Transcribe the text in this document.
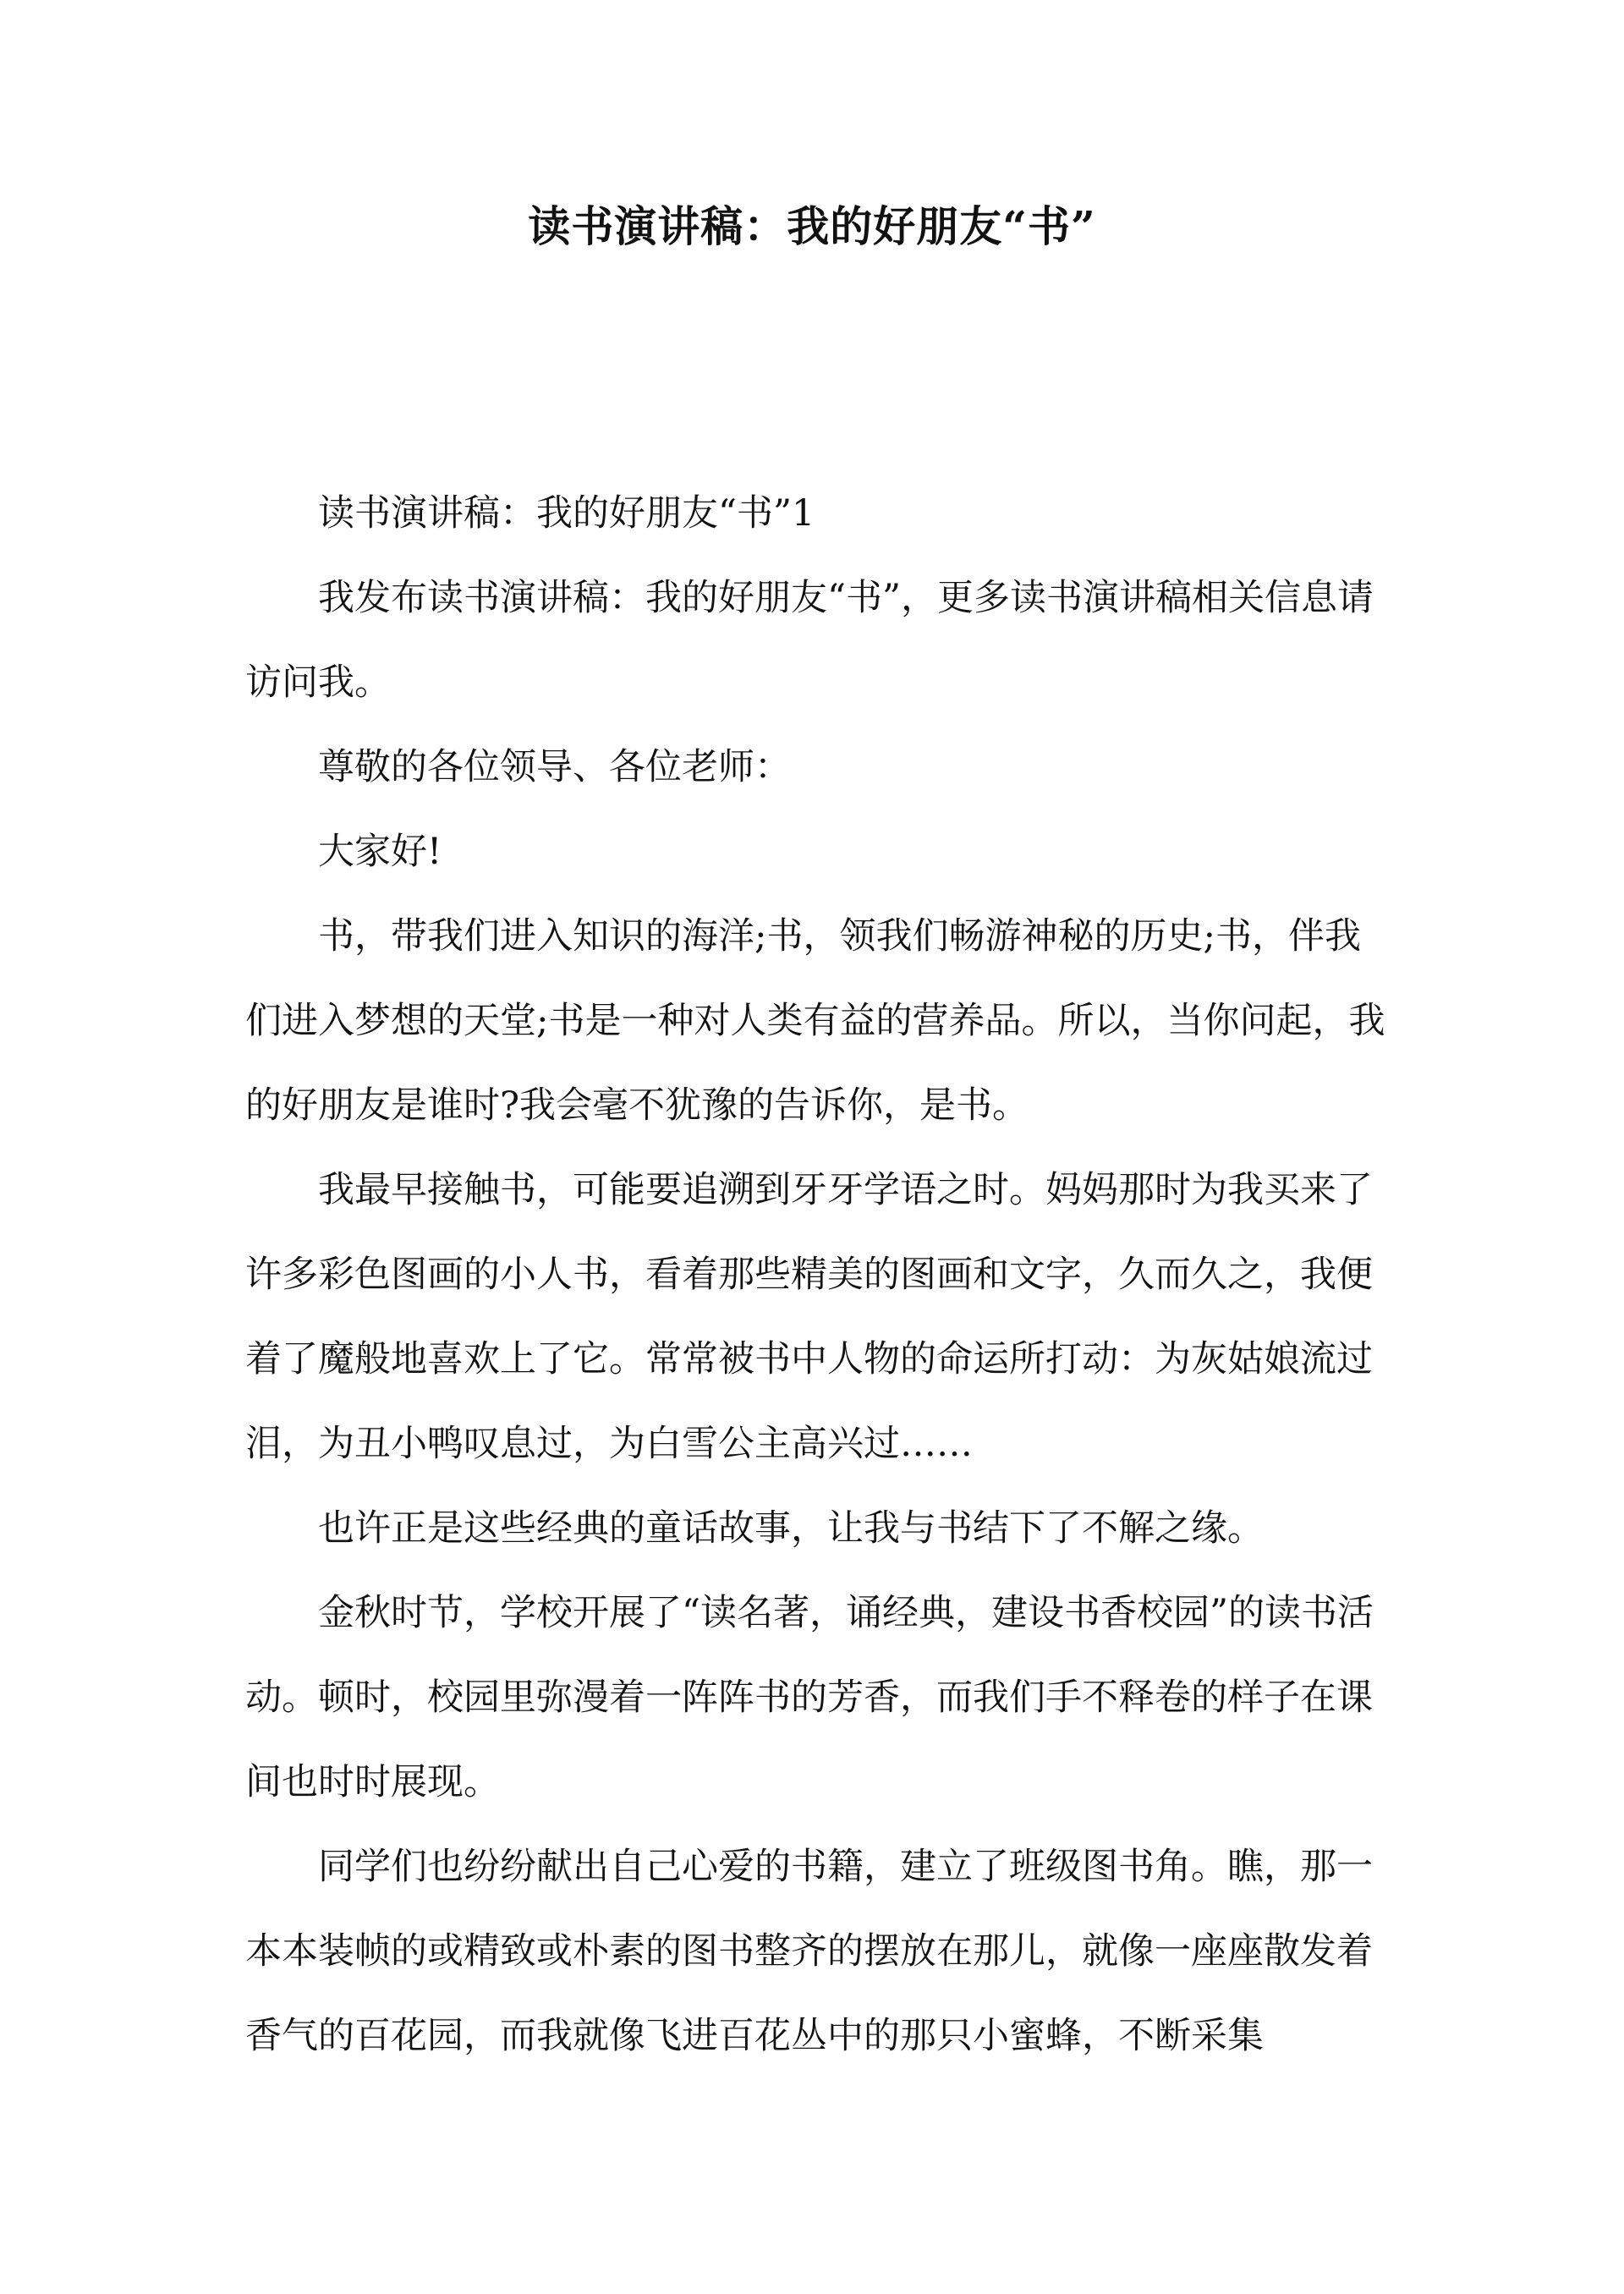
读书演讲稿：我的好朋友“书”

读书演讲稿：我的好朋友“书”1

我发布读书演讲稿：我的好朋友“书”，更多读书演讲稿相关信息请访问我。

尊敬的各位领导、各位老师：

大家好!

书，带我们进入知识的海洋;书，领我们畅游神秘的历史;书，伴我们进入梦想的天堂;书是一种对人类有益的营养品。所以，当你问起，我的好朋友是谁时?我会毫不犹豫的告诉你，是书。

我最早接触书，可能要追溯到牙牙学语之时。妈妈那时为我买来了许多彩色图画的小人书，看着那些精美的图画和文字，久而久之，我便着了魔般地喜欢上了它。常常被书中人物的命运所打动：为灰姑娘流过泪，为丑小鸭叹息过，为白雪公主高兴过……

也许正是这些经典的童话故事，让我与书结下了不解之缘。

金秋时节，学校开展了“读名著，诵经典，建设书香校园”的读书活动。顿时，校园里弥漫着一阵阵书的芳香，而我们手不释卷的样子在课间也时时展现。

同学们也纷纷献出自己心爱的书籍，建立了班级图书角。瞧，那一本本装帧的或精致或朴素的图书整齐的摆放在那儿，就像一座座散发着香气的百花园，而我就像飞进百花丛中的那只小蜜蜂，不断采集
